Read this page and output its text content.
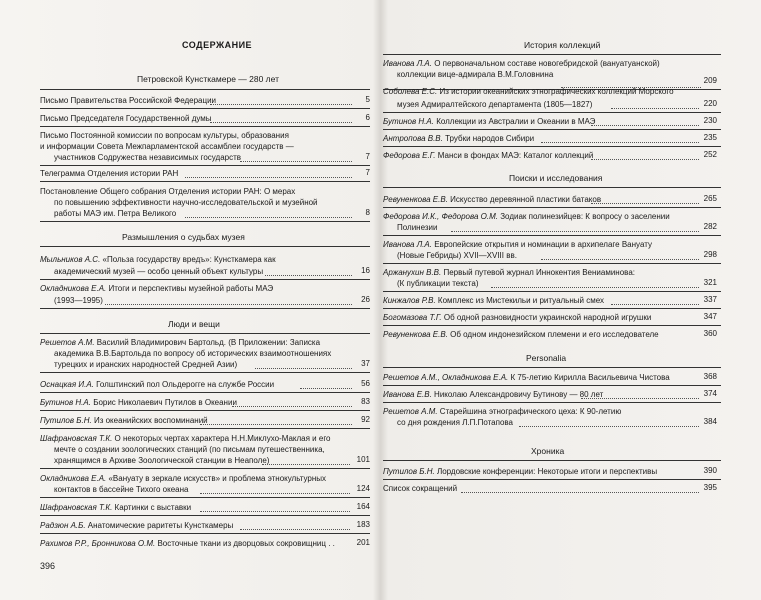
СОДЕРЖАНИЕ
Петровской Кунсткамере — 280 лет
Письмо Правительства Российской Федерации	5
Письмо Председателя Государственной думы	6
Письмо Постоянной комиссии по вопросам культуры, образования
и информации Совета Межпарламентской ассамблеи государств —
участников Содружества независимых государств	7
Телеграмма Отделения истории РАН	7
Постановление Общего собрания Отделения истории РАН: О мерах
по повышению эффективности научно-исследовательской и музейной
работы МАЭ им. Петра Великого	8
Размышления о судьбах музея
Мыльников А.С. «Польза государству вредъ»: Кунсткамера как
академический музей — особо ценный объект культуры	16
Окладникова Е.А. Итоги и перспективы музейной работы МАЭ
(1993—1995)	26
Люди и вещи
Решетов А.М. Василий Владимирович Бартольд. (В Приложении: Записка
академика В.В.Бартольда по вопросу об исторических взаимоотношениях
турецких и иранских народностей Средней Азии)	37
Оснацкая И.А. Голштинский пол Ольдерогге на службе России	56
Бутинов Н.А. Борис Николаевич Путилов в Океании	83
Путилов Б.Н. Из океанийских воспоминаний	92
Шафрановская Т.К. О некоторых чертах характера Н.Н.Миклухо-Маклая и его
мечте о создании зоологических станций (по письмам путешественника,
хранящимся в Архиве Зоологической станции в Неаполе)	101
Окладникова Е.А. «Вануату в зеркале искусств» и проблема этнокультурных
контактов в бассейне Тихого океана	124
Шафрановская Т.К. Картинки с выставки	164
Радзюн А.Б. Анатомические раритеты Кунсткамеры	183
Рахимов Р.Р., Бронникова О.М. Восточные ткани из дворцовых сокровищниц . .	201
396
История коллекций
Иванова Л.А. О первоначальном составе новогебридской (вануатуанской)
коллекции вице-адмирала В.М.Головнина
209
Соболева Е.С. Из истории океанийских этнографических коллекций Морского
музея Адмиралтейского департамента (1805—1827)	220
Бутинов Н.А. Коллекции из Австралии и Океании в МАЭ	230
Антропова В.В. Трубки народов Сибири	235
Федорова Е.Г. Манси в фондах МАЭ: Каталог коллекций	252
Поиски и исследования
Ревуненкова Е.В. Искусство деревянной пластики батаков	265
Федорова И.К., Федорова О.М. Зодиак полинезийцев: К вопросу о заселении
Полинезии	282
Иванова Л.А. Европейские открытия и номинации в архипелаге Вануату
(Новые Гебриды) XVII—XVIII вв.	298
Аржанухин В.В. Первый путевой журнал Иннокентия Вениаминова:
(К публикации текста)	321
Кинжалов Р.В. Комплекс из Мистекильи и ритуальный смех	337
Богомазова Т.Г. Об одной разновидности украинской народной игрушки	347
Ревуненкова Е.В. Об одном индонезийском племени и его исследователе	360
Personalia
Решетов А.М., Окладникова Е.А. К 75-летию Кирилла Васильевича Чистова	368
Иванова Е.В. Николаю Александровичу Бутинову — 80 лет	374
Решетов А.М. Старейшина этнографического цеха: К 90-летию
со дня рождения Л.П.Потапова	384
Хроника
Путилов Б.Н. Лордовские конференции: Некоторые итоги и перспективы	390
Список сокращений	395
